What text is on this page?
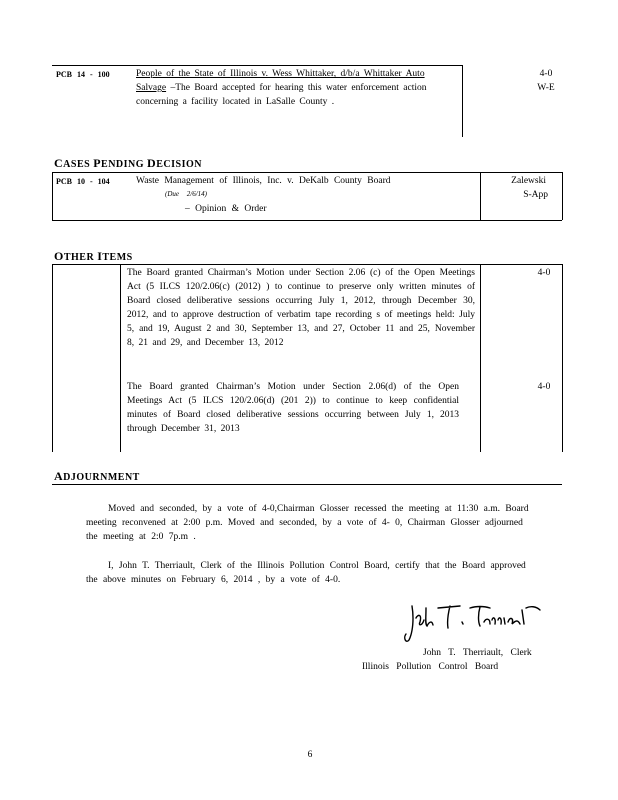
PCB 14 - 100	People of the State of Illinois v. Wess Whittaker, d/b/a Whittaker Auto Salvage –The Board accepted for hearing this water enforcement action concerning a facility located in LaSalle County .
4-0
W-E
CASES PENDING DECISION
PCB 10 - 104	Waste Management of Illinois, Inc. v. DeKalb County Board
(Due 2/6/14)
– Opinion & Order
Zalewski
S-App
OTHER ITEMS
The Board granted Chairman’s Motion under Section 2.06 (c) of the Open Meetings Act (5 ILCS 120/2.06(c) (2012) ) to continue to preserve only written minutes of Board closed deliberative sessions occurring July 1, 2012, through December 30, 2012, and to approve destruction of verbatim tape recording s of meetings held: July 5, and 19, August 2 and 30, September 13, and 27, October 11 and 25, November 8, 21 and 29, and December 13, 2012
4-0
The Board granted Chairman’s Motion under Section 2.06(d) of the Open Meetings Act (5 ILCS 120/2.06(d) (201 2)) to continue to keep confidential minutes of Board closed deliberative sessions occurring between July 1, 2013 through December 31, 2013
4-0
ADJOURNMENT
Moved and seconded, by a vote of 4-0,Chairman Glosser recessed the meeting at 11:30 a.m. Board meeting reconvened at 2:00 p.m. Moved and seconded, by a vote of 4- 0, Chairman Glosser adjourned the meeting at 2:0 7p.m .
I, John T. Therriault, Clerk of the Illinois Pollution Control Board, certify that the Board approved the above minutes on February 6, 2014 , by a vote of 4-0.
John T. Therriault, Clerk
Illinois Pollution Control Board
6
